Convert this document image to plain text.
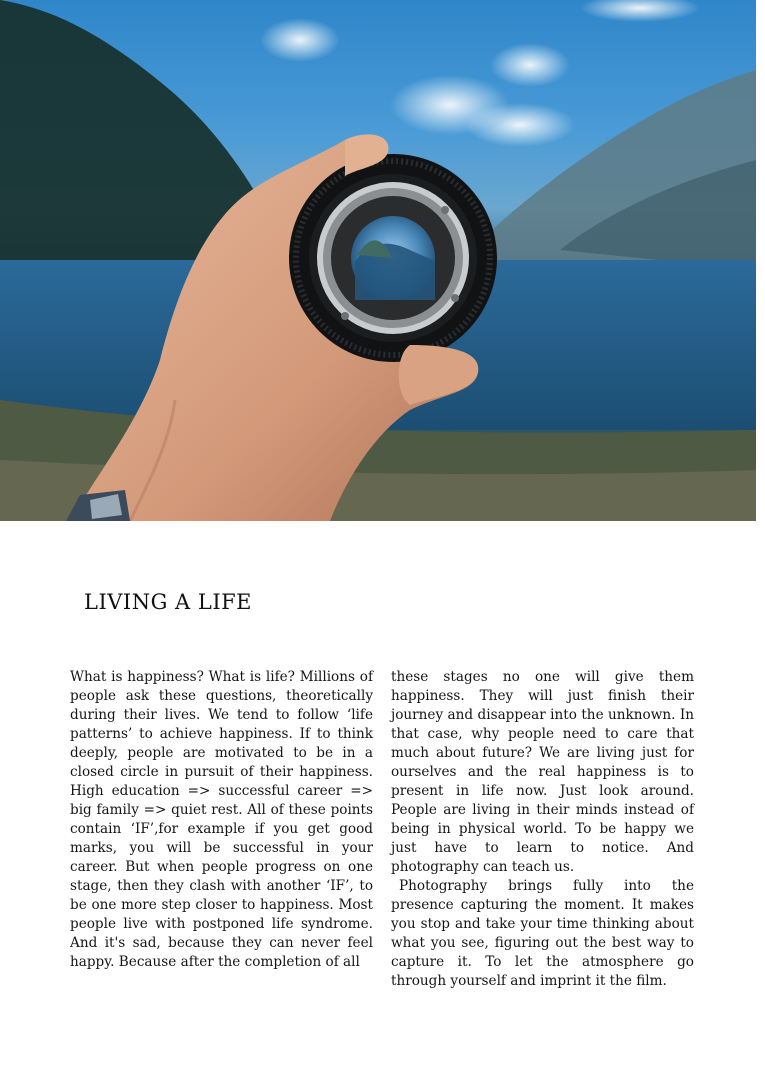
LIVING A LIFE

What is happiness? What is life? Millions of people ask these questions, theoretically during their lives. We tend to follow ‘life patterns’ to achieve happiness. If to think deeply, people are motivated to be in a closed circle in pursuit of their happiness. High education => successful career => big family => quiet rest. All of these points contain ‘IF’,for example if you get good marks, you will be successful in your career. But when people progress on one stage, then they clash with another ‘IF’, to be one more step closer to happiness. Most people live with postponed life syndrome. And it's sad, because they can never feel happy. Because after the completion of all

these stages no one will give them happiness. They will just finish their journey and disappear into the unknown. In that case, why people need to care that much about future? We are living just for ourselves and the real happiness is to present in life now. Just look around. People are living in their minds instead of being in physical world. To be happy we just have to learn to notice. And photography can teach us.

Photography brings fully into the presence capturing the moment. It makes you stop and take your time thinking about what you see, figuring out the best way to capture it. To let the atmosphere go through yourself and imprint it the film.
